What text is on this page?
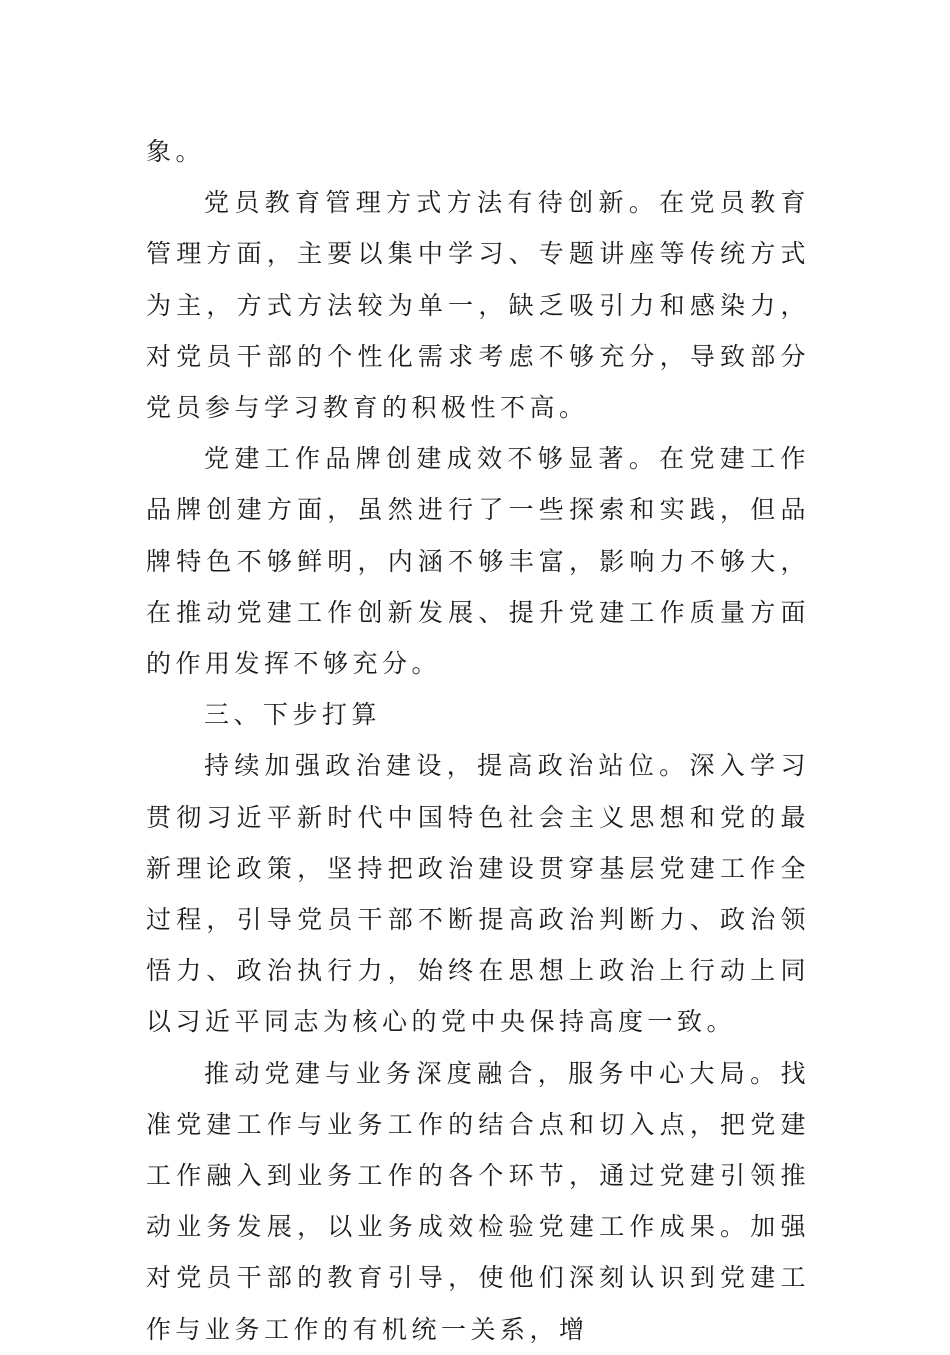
象。

党员教育管理方式方法有待创新。在党员教育管理方面，主要以集中学习、专题讲座等传统方式为主，方式方法较为单一，缺乏吸引力和感染力，对党员干部的个性化需求考虑不够充分，导致部分党员参与学习教育的积极性不高。

党建工作品牌创建成效不够显著。在党建工作品牌创建方面，虽然进行了一些探索和实践，但品牌特色不够鲜明，内涵不够丰富，影响力不够大，在推动党建工作创新发展、提升党建工作质量方面的作用发挥不够充分。

三、下步打算

持续加强政治建设，提高政治站位。深入学习贯彻习近平新时代中国特色社会主义思想和党的最新理论政策，坚持把政治建设贯穿基层党建工作全过程，引导党员干部不断提高政治判断力、政治领悟力、政治执行力，始终在思想上政治上行动上同以习近平同志为核心的党中央保持高度一致。

推动党建与业务深度融合，服务中心大局。找准党建工作与业务工作的结合点和切入点，把党建工作融入到业务工作的各个环节，通过党建引领推动业务发展，以业务成效检验党建工作成果。加强对党员干部的教育引导，使他们深刻认识到党建工作与业务工作的有机统一关系，增
